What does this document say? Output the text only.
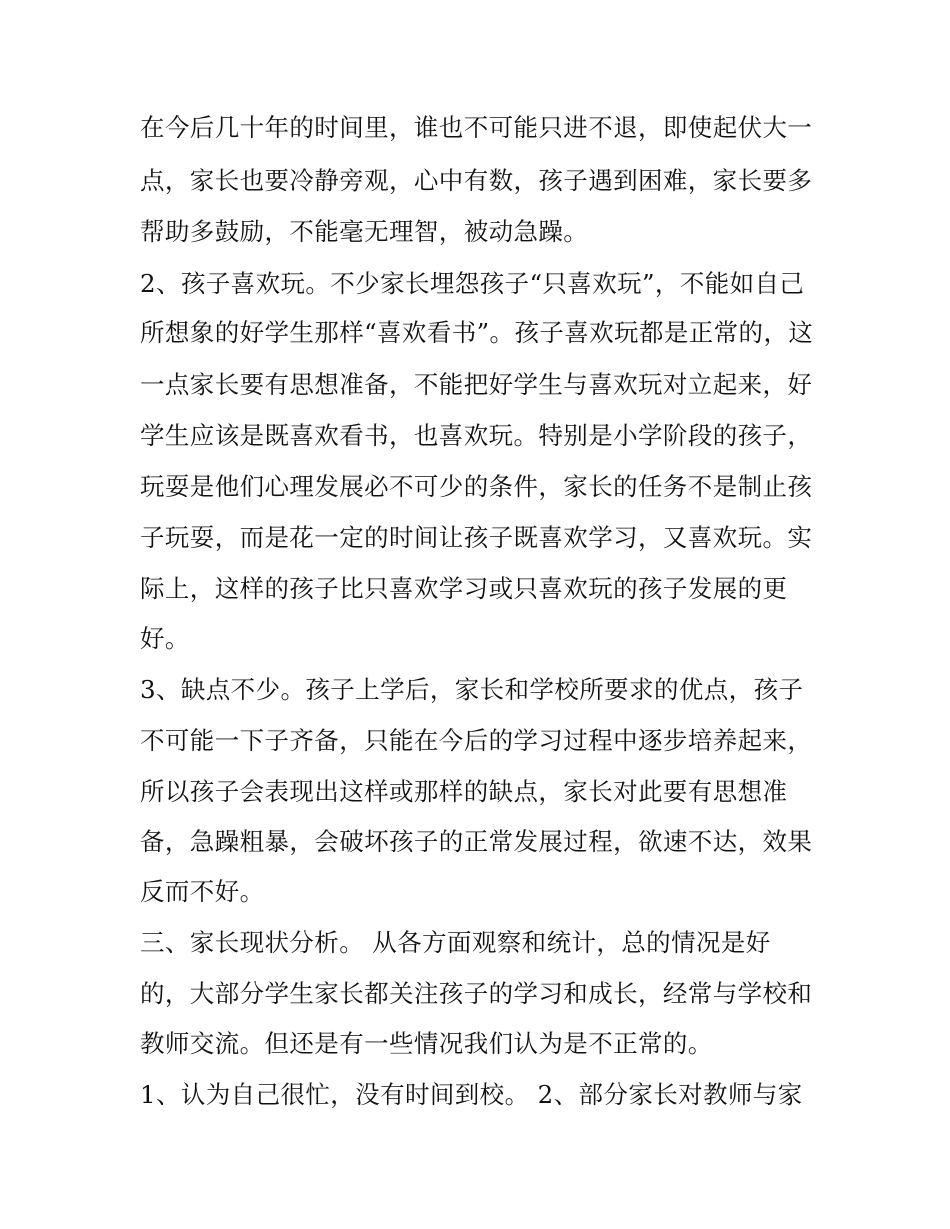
在今后几十年的时间里，谁也不可能只进不退，即使起伏大一
点，家长也要冷静旁观，心中有数，孩子遇到困难，家长要多
帮助多鼓励，不能毫无理智，被动急躁。
2、孩子喜欢玩。不少家长埋怨孩子“只喜欢玩”，不能如自己
所想象的好学生那样“喜欢看书”。孩子喜欢玩都是正常的，这
一点家长要有思想准备，不能把好学生与喜欢玩对立起来，好
学生应该是既喜欢看书，也喜欢玩。特别是小学阶段的孩子，
玩耍是他们心理发展必不可少的条件，家长的任务不是制止孩
子玩耍，而是花一定的时间让孩子既喜欢学习，又喜欢玩。实
际上，这样的孩子比只喜欢学习或只喜欢玩的孩子发展的更
好。
3、缺点不少。孩子上学后，家长和学校所要求的优点，孩子
不可能一下子齐备，只能在今后的学习过程中逐步培养起来，
所以孩子会表现出这样或那样的缺点，家长对此要有思想准
备，急躁粗暴，会破坏孩子的正常发展过程，欲速不达，效果
反而不好。
三、家长现状分析。 从各方面观察和统计，总的情况是好
的，大部分学生家长都关注孩子的学习和成长，经常与学校和
教师交流。但还是有一些情况我们认为是不正常的。
1、认为自己很忙，没有时间到校。 2、部分家长对教师与家
